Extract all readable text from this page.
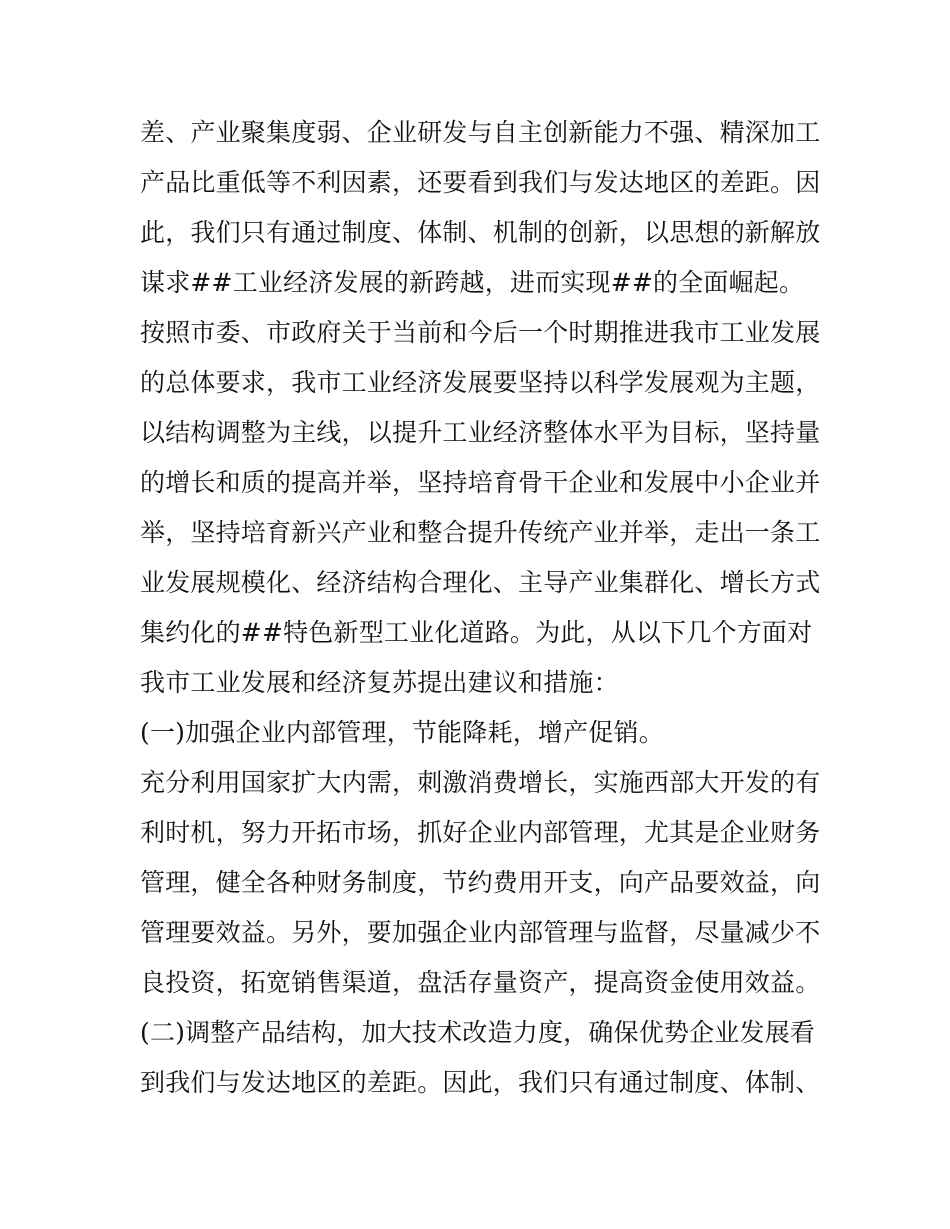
差、产业聚集度弱、企业研发与自主创新能力不强、精深加工
产品比重低等不利因素，还要看到我们与发达地区的差距。因
此，我们只有通过制度、体制、机制的创新，以思想的新解放
谋求##工业经济发展的新跨越，进而实现##的全面崛起。
按照市委、市政府关于当前和今后一个时期推进我市工业发展
的总体要求，我市工业经济发展要坚持以科学发展观为主题，
以结构调整为主线，以提升工业经济整体水平为目标，坚持量
的增长和质的提高并举，坚持培育骨干企业和发展中小企业并
举，坚持培育新兴产业和整合提升传统产业并举，走出一条工
业发展规模化、经济结构合理化、主导产业集群化、增长方式
集约化的##特色新型工业化道路。为此，从以下几个方面对
我市工业发展和经济复苏提出建议和措施：
(一)加强企业内部管理，节能降耗，增产促销。
充分利用国家扩大内需，刺激消费增长，实施西部大开发的有
利时机，努力开拓市场，抓好企业内部管理，尤其是企业财务
管理，健全各种财务制度，节约费用开支，向产品要效益，向
管理要效益。另外，要加强企业内部管理与监督，尽量减少不
良投资，拓宽销售渠道，盘活存量资产，提高资金使用效益。
(二)调整产品结构，加大技术改造力度，确保优势企业发展看
到我们与发达地区的差距。因此，我们只有通过制度、体制、
